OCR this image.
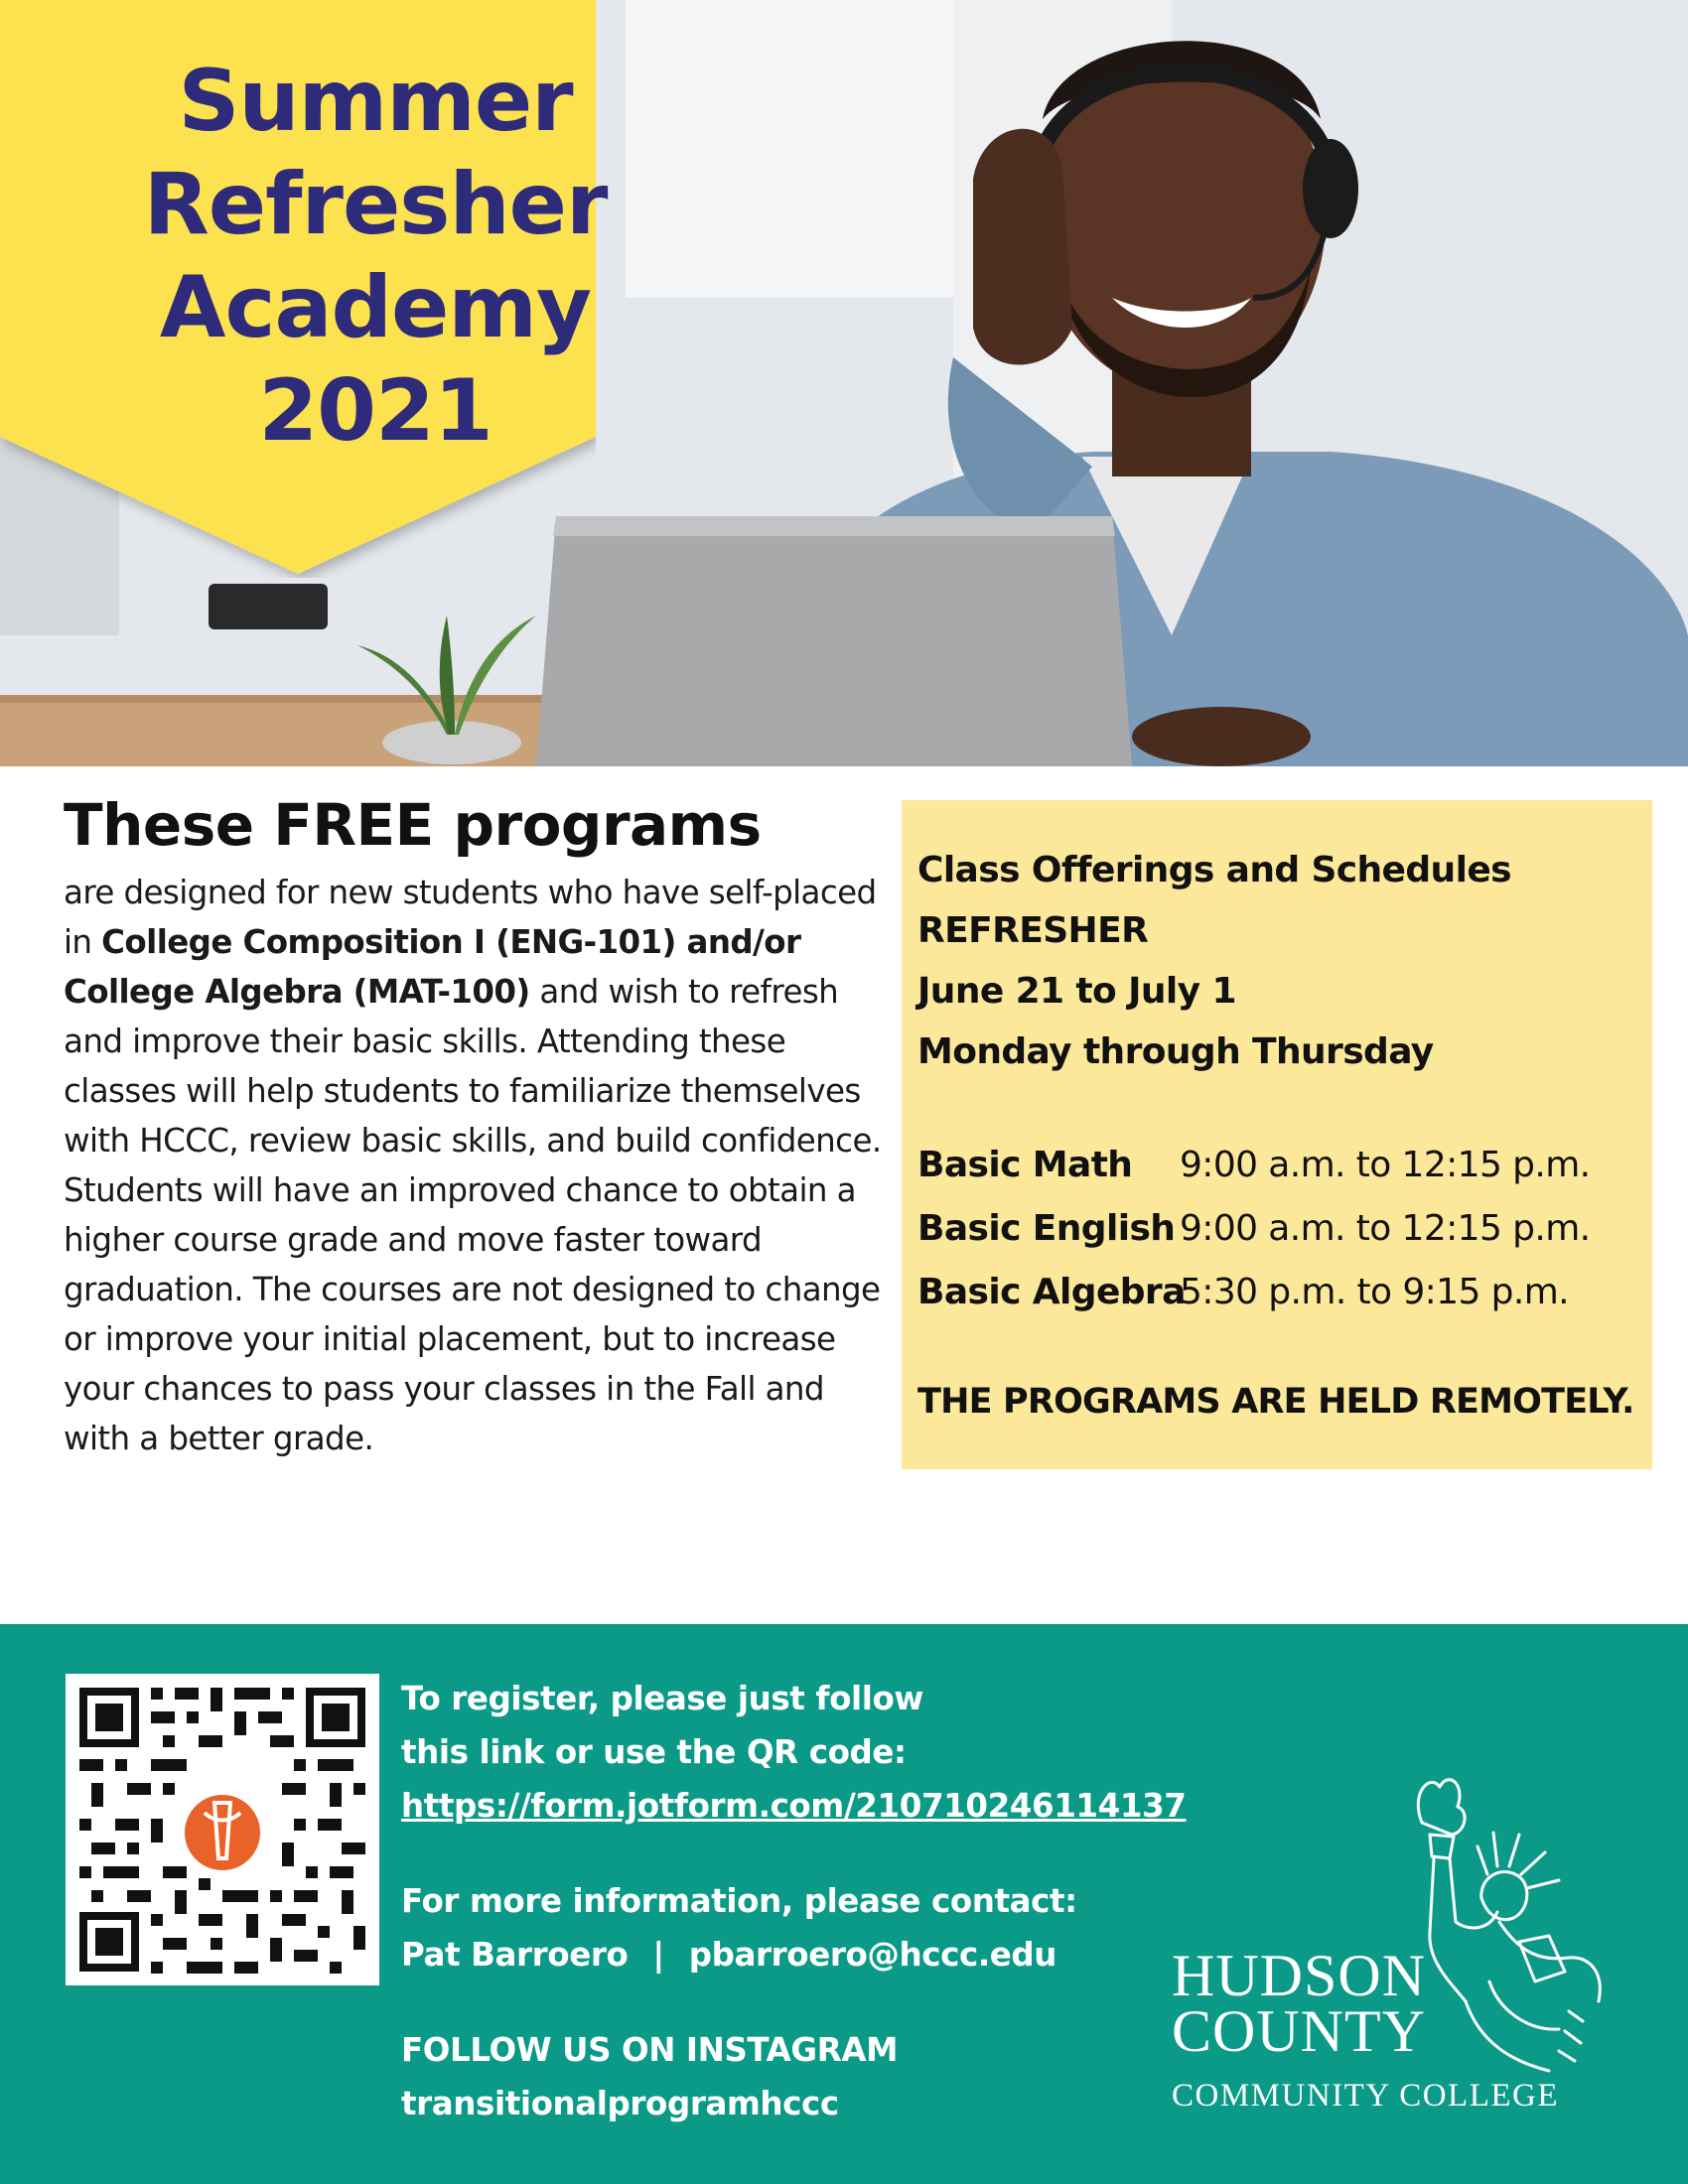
Summer
Refresher
Academy
2021
These FREE programs
are designed for new students who have self-placed in College Composition I (ENG-101) and/or College Algebra (MAT-100) and wish to refresh and improve their basic skills. Attending these classes will help students to familiarize themselves with HCCC, review basic skills, and build confidence. Students will have an improved chance to obtain a higher course grade and move faster toward graduation. The courses are not designed to change or improve your initial placement, but to increase your chances to pass your classes in the Fall and with a better grade.
Class Offerings and Schedules
REFRESHER
June 21 to July 1
Monday through Thursday
Basic Math	9:00 a.m. to 12:15 p.m.
Basic English 9:00 a.m. to 12:15 p.m.
Basic Algebra
5:30 p.m. to 9:15 p.m.
THE PROGRAMS ARE HELD REMOTELY.
To register, please just follow
this link or use the QR code:
https://form.jotform.com/210710246114137
For more information, please contact:
Pat Barroero | pbarroero@hccc.edu
FOLLOW US ON INSTAGRAM
transitionalprogramhccc
HUDSON
COUNTY
COMMUNITY COLLEGE
